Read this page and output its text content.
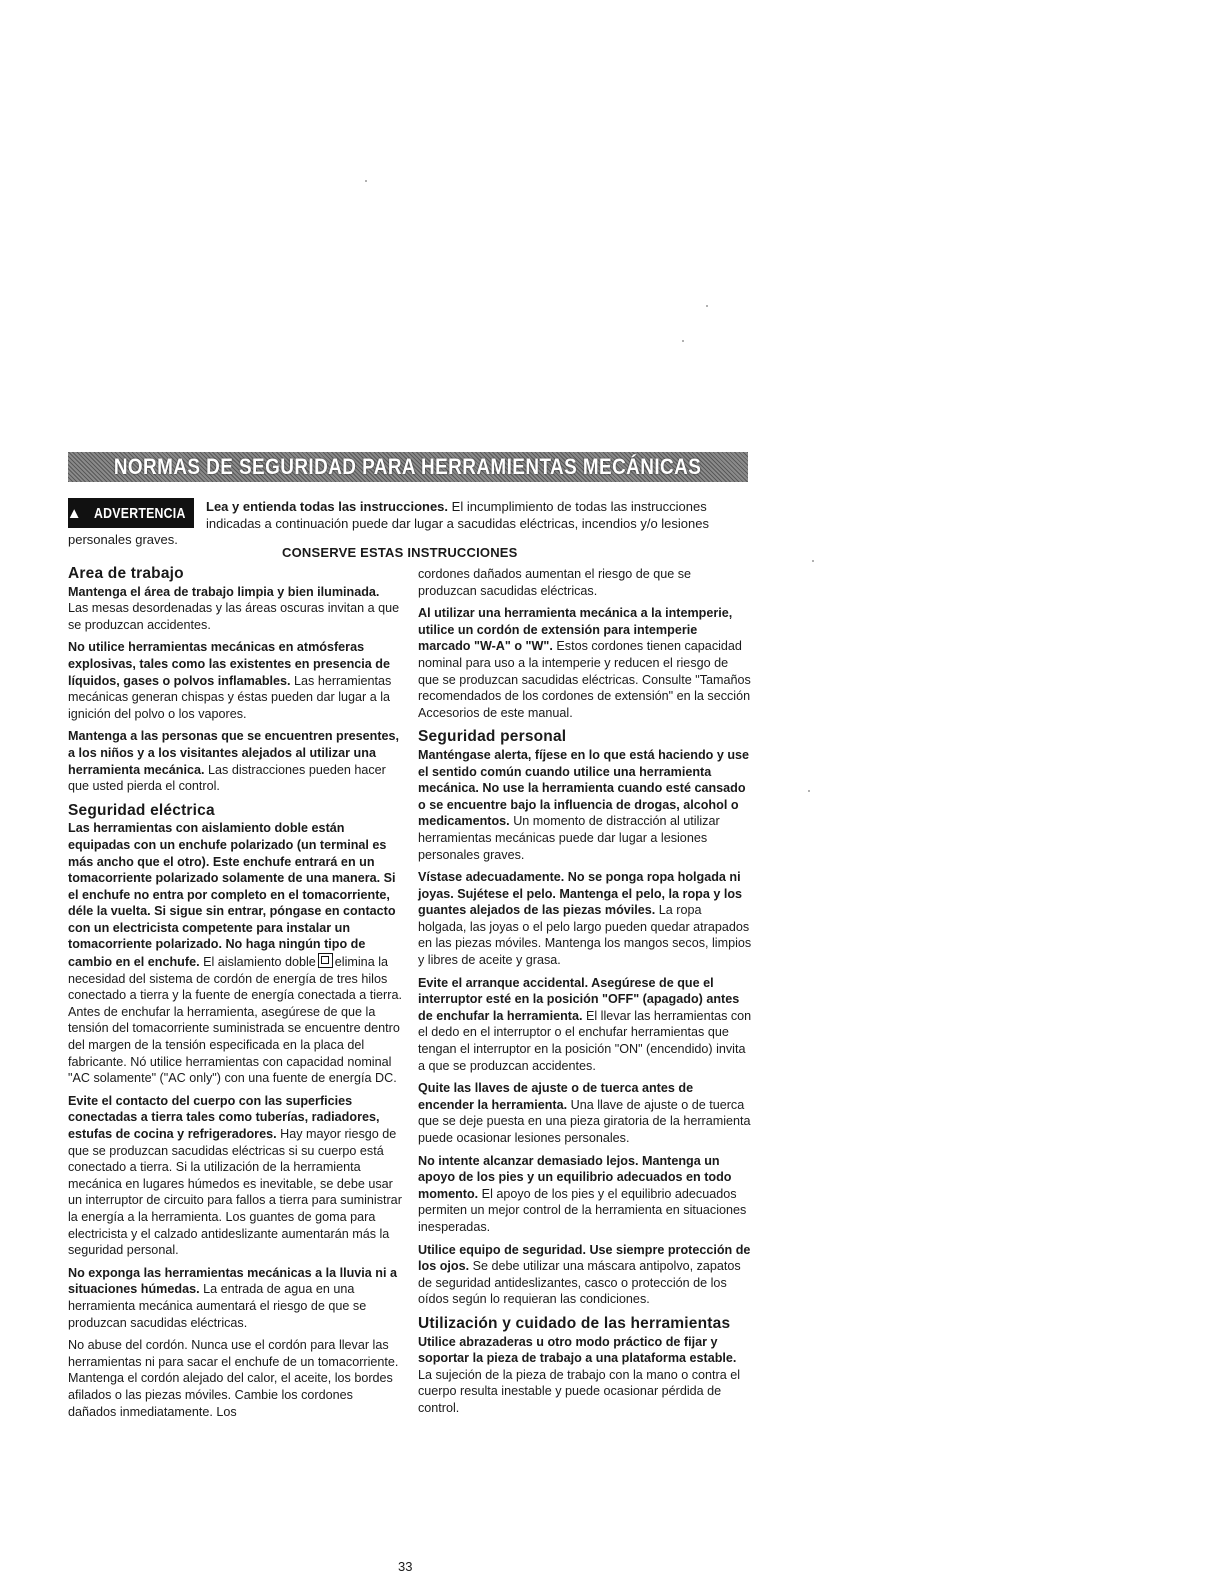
NORMAS DE SEGURIDAD PARA HERRAMIENTAS MECÁNICAS
▲ ADVERTENCIA Lea y entienda todas las instrucciones. El incumplimiento de todas las instrucciones indicadas a continuación puede dar lugar a sacudidas eléctricas, incendios y/o lesiones
personales graves.
CONSERVE ESTAS INSTRUCCIONES
Area de trabajo

Mantenga el área de trabajo limpia y bien iluminada. Las mesas desordenadas y las áreas oscuras invitan a que se produzcan accidentes.

No utilice herramientas mecánicas en atmósferas explosivas, tales como las existentes en presencia de líquidos, gases o polvos inflamables. Las herramientas mecánicas generan chispas y éstas pueden dar lugar a la ignición del polvo o los vapores.

Mantenga a las personas que se encuentren presentes, a los niños y a los visitantes alejados al utilizar una herramienta mecánica. Las distracciones pueden hacer que usted pierda el control.

Seguridad eléctrica

Las herramientas con aislamiento doble están equipadas con un enchufe polarizado (un terminal es más ancho que el otro). Este enchufe entrará en un tomacorriente polarizado solamente de una manera. Si el enchufe no entra por completo en el tomacorriente, déle la vuelta. Si sigue sin entrar, póngase en contacto con un electricista competente para instalar un tomacorriente polarizado. No haga ningún tipo de cambio en el enchufe. El aislamiento doble elimina la necesidad del sistema de cordón de energía de tres hilos conectado a tierra y la fuente de energía conectada a tierra. Antes de enchufar la herramienta, asegúrese de que la tensión del tomacorriente suministrada se encuentre dentro del margen de la tensión especificada en la placa del fabricante. Nó utilice herramientas con capacidad nominal "AC solamente" ("AC only") con una fuente de energía DC.

Evite el contacto del cuerpo con las superficies conectadas a tierra tales como tuberías, radiadores, estufas de cocina y refrigeradores. Hay mayor riesgo de que se produzcan sacudidas eléctricas si su cuerpo está conectado a tierra. Si la utilización de la herramienta mecánica en lugares húmedos es inevitable, se debe usar un interruptor de circuito para fallos a tierra para suministrar la energía a la herramienta. Los guantes de goma para electricista y el calzado antideslizante aumentarán más la seguridad personal.

No exponga las herramientas mecánicas a la lluvia ni a situaciones húmedas. La entrada de agua en una herramienta mecánica aumentará el riesgo de que se produzcan sacudidas eléctricas.

No abuse del cordón. Nunca use el cordón para llevar las herramientas ni para sacar el enchufe de un tomacorriente. Mantenga el cordón alejado del calor, el aceite, los bordes afilados o las piezas móviles. Cambie los cordones dañados inmediatamente. Los

cordones dañados aumentan el riesgo de que se produzcan sacudidas eléctricas.

Al utilizar una herramienta mecánica a la intemperie, utilice un cordón de extensión para intemperie marcado "W-A" o "W". Estos cordones tienen capacidad nominal para uso a la intemperie y reducen el riesgo de que se produzcan sacudidas eléctricas. Consulte "Tamaños recomendados de los cordones de extensión" en la sección Accesorios de este manual.

Seguridad personal

Manténgase alerta, fíjese en lo que está haciendo y use el sentido común cuando utilice una herramienta mecánica. No use la herramienta cuando esté cansado o se encuentre bajo la influencia de drogas, alcohol o medicamentos. Un momento de distracción al utilizar herramientas mecánicas puede dar lugar a lesiones personales graves.

Vístase adecuadamente. No se ponga ropa holgada ni joyas. Sujétese el pelo. Mantenga el pelo, la ropa y los guantes alejados de las piezas móviles. La ropa holgada, las joyas o el pelo largo pueden quedar atrapados en las piezas móviles. Mantenga los mangos secos, limpios y libres de aceite y grasa.

Evite el arranque accidental. Asegúrese de que el interruptor esté en la posición "OFF" (apagado) antes de enchufar la herramienta. El llevar las herramientas con el dedo en el interruptor o el enchufar herramientas que tengan el interruptor en la posición "ON" (encendido) invita a que se produzcan accidentes.

Quite las llaves de ajuste o de tuerca antes de encender la herramienta. Una llave de ajuste o de tuerca que se deje puesta en una pieza giratoria de la herramienta puede ocasionar lesiones personales.

No intente alcanzar demasiado lejos. Mantenga un apoyo de los pies y un equilibrio adecuados en todo momento. El apoyo de los pies y el equilibrio adecuados permiten un mejor control de la herramienta en situaciones inesperadas.

Utilice equipo de seguridad. Use siempre protección de los ojos. Se debe utilizar una máscara antipolvo, zapatos de seguridad antideslizantes, casco o protección de los oídos según lo requieran las condiciones.

Utilización y cuidado de las herramientas

Utilice abrazaderas u otro modo práctico de fijar y soportar la pieza de trabajo a una plataforma estable. La sujeción de la pieza de trabajo con la mano o contra el cuerpo resulta inestable y puede ocasionar pérdida de control.

33
